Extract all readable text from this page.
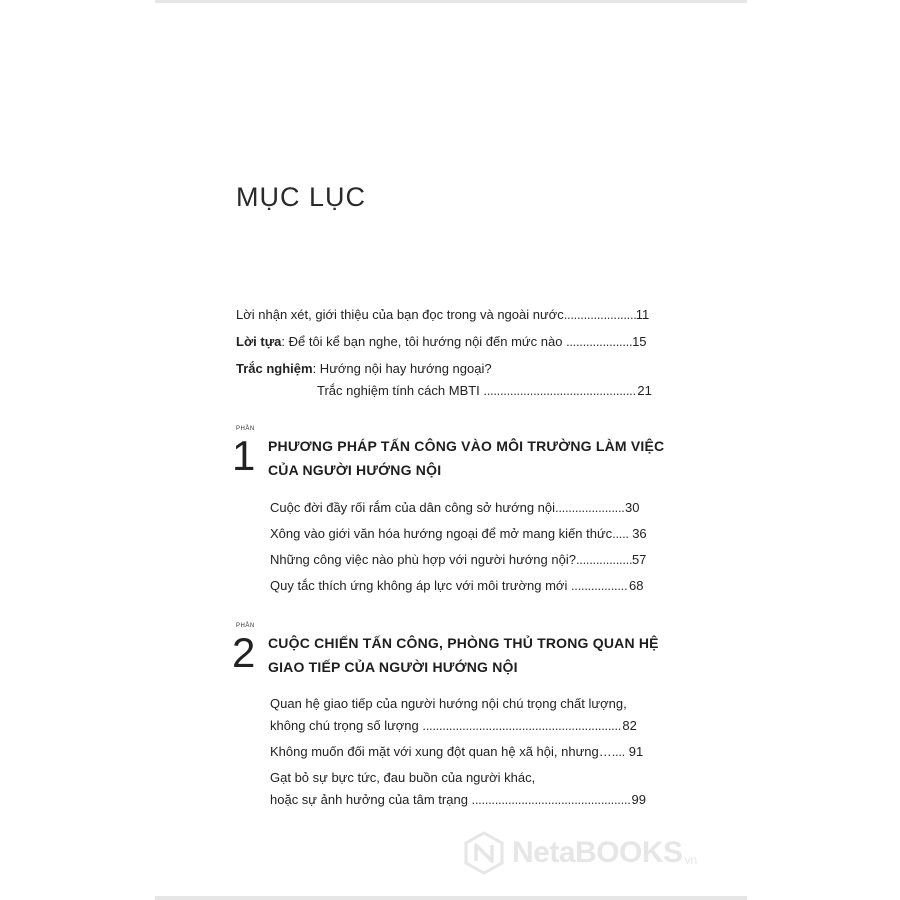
MỤC LỤC
Lời nhận xét, giới thiệu của bạn đọc trong và ngoài nước .....	11
Lời tựa: Để tôi kể bạn nghe, tôi hướng nội đến mức nào .....	15
Trắc nghiệm: Hướng nội hay hướng ngoại?
Trắc nghiệm tính cách MBTI .....	21
PHẦN
1 PHƯƠNG PHÁP TẤN CÔNG VÀO MÔI TRƯỜNG LÀM VIỆC
CỦA NGƯỜI HƯỚNG NỘI
Cuộc đời đầy rối rắm của dân công sở hướng nội .....	30
Xông vào giới văn hóa hướng ngoại để mở mang kiến thức ..... 36
Những công việc nào phù hợp với người hướng nội? .....	57
Quy tắc thích ứng không áp lực với môi trường mới .....	68
PHẦN
2 CUỘC CHIẾN TẤN CÔNG, PHÒNG THỦ TRONG QUAN HỆ
GIAO TIẾP CỦA NGƯỜI HƯỚNG NỘI
Quan hệ giao tiếp của người hướng nội chú trọng chất lượng,
không chú trọng số lượng .....	82
Không muốn đối mặt với xung đột quan hệ xã hội, nhưng… ..... 91
Gạt bỏ sự bực tức, đau buồn của người khác,
hoặc sự ảnh hưởng của tâm trạng .....	99
NetaBOOKS vn
